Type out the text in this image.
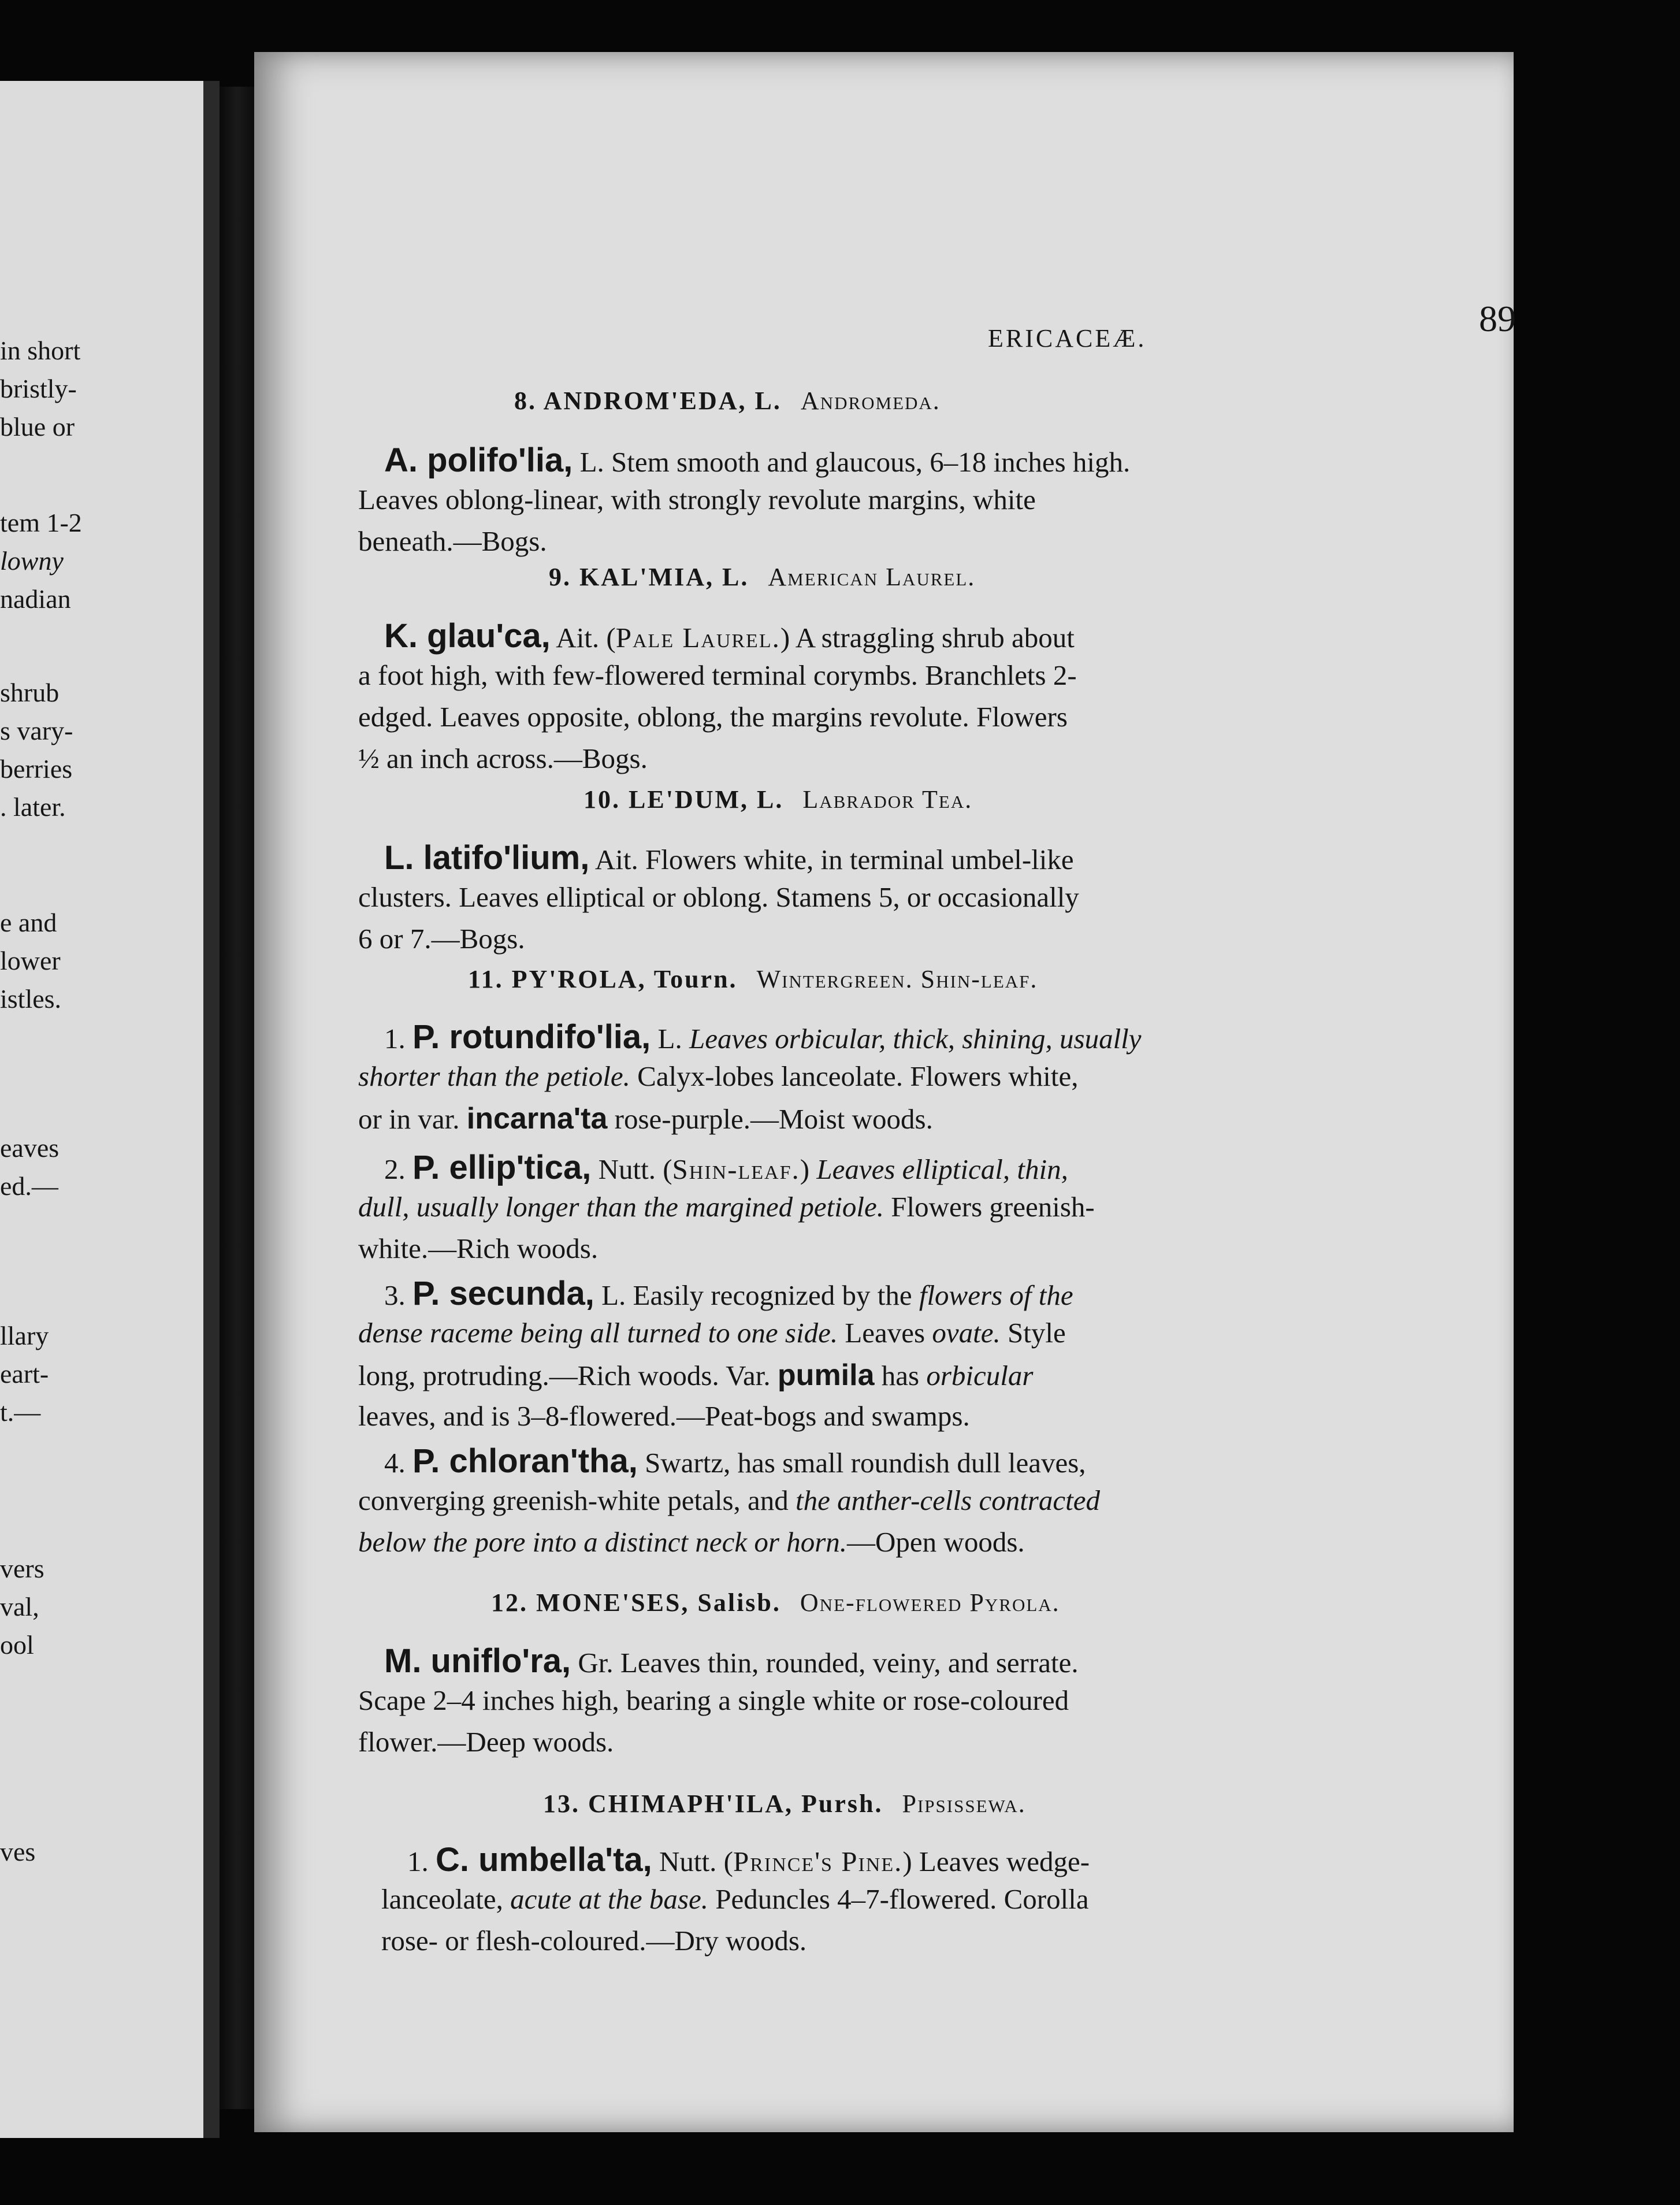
in short
bristly-
blue or
tem 1-2
lowny
nadian
shrub
s vary-
berries
. later.
e and
lower
istles.
eaves
ed.—
llary
eart-
t.—
vers
val,
ool
ves
ERICACEÆ.	89
8. ANDROM'EDA, L. Andromeda.
A. polifo'lia, L. Stem smooth and glaucous, 6–18 inches high.
Leaves oblong-linear, with strongly revolute margins, white
beneath.—Bogs.
9. KAL'MIA, L. American Laurel.
K. glau'ca, Ait. (Pale Laurel.) A straggling shrub about
a foot high, with few-flowered terminal corymbs. Branchlets 2-
edged. Leaves opposite, oblong, the margins revolute. Flowers
½ an inch across.—Bogs.
10. LE'DUM, L. Labrador Tea.
L. latifo'lium, Ait. Flowers white, in terminal umbel-like
clusters. Leaves elliptical or oblong. Stamens 5, or occasionally
6 or 7.—Bogs.
11. PY'ROLA, Tourn. Wintergreen. Shin-leaf.
1. P. rotundifo'lia, L. Leaves orbicular, thick, shining, usually
shorter than the petiole. Calyx-lobes lanceolate. Flowers white,
or in var. incarna'ta rose-purple.—Moist woods.
2. P. ellip'tica, Nutt. (Shin-leaf.) Leaves elliptical, thin,
dull, usually longer than the margined petiole. Flowers greenish-
white.—Rich woods.
3. P. secunda, L. Easily recognized by the flowers of the
dense raceme being all turned to one side. Leaves ovate. Style
long, protruding.—Rich woods. Var. pumila has orbicular
leaves, and is 3–8-flowered.—Peat-bogs and swamps.
4. P. chloran'tha, Swartz, has small roundish dull leaves,
converging greenish-white petals, and the anther-cells contracted
below the pore into a distinct neck or horn.—Open woods.
12. MONE'SES, Salisb. One-flowered Pyrola.
M. uniflo'ra, Gr. Leaves thin, rounded, veiny, and serrate.
Scape 2–4 inches high, bearing a single white or rose-coloured
flower.—Deep woods.
13. CHIMAPH'ILA, Pursh. Pipsissewa.
1. C. umbella'ta, Nutt. (Prince's Pine.) Leaves wedge-
lanceolate, acute at the base. Peduncles 4–7-flowered. Corolla
rose- or flesh-coloured.—Dry woods.
